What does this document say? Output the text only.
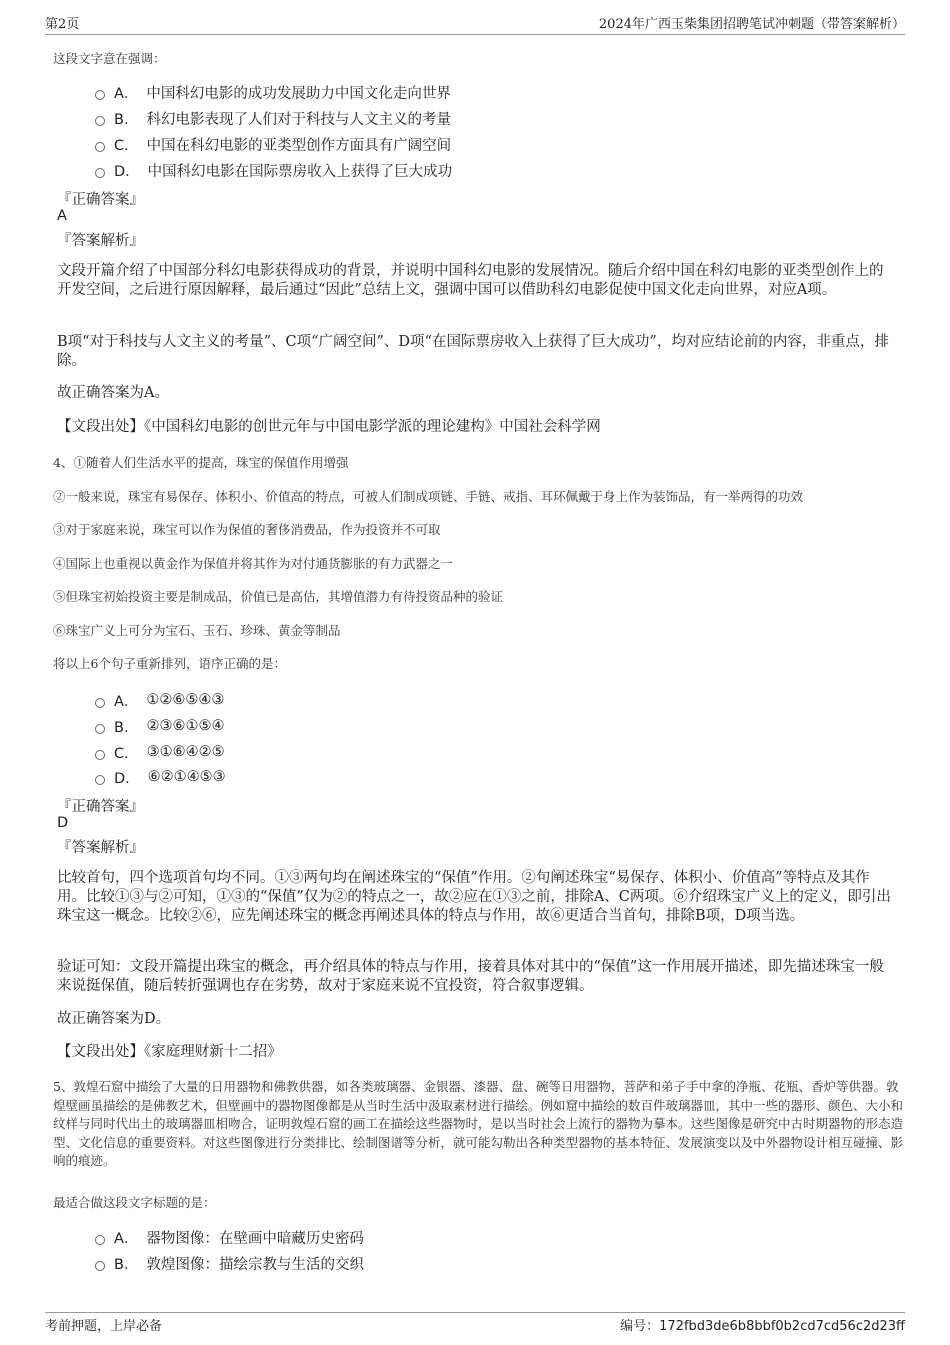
第2页	2024年广西玉柴集团招聘笔试冲刺题（带答案解析）
这段文字意在强调：
A． 中国科幻电影的成功发展助力中国文化走向世界
B． 科幻电影表现了人们对于科技与人文主义的考量
C． 中国在科幻电影的亚类型创作方面具有广阔空间
D． 中国科幻电影在国际票房收入上获得了巨大成功
『正确答案』
A
『答案解析』
文段开篇介绍了中国部分科幻电影获得成功的背景，并说明中国科幻电影的发展情况。随后介绍中国在科幻电影的亚类型创作上的开发空间，之后进行原因解释，最后通过“因此”总结上文，强调中国可以借助科幻电影促使中国文化走向世界，对应A项。
B项“对于科技与人文主义的考量”、C项“广阔空间”、D项“在国际票房收入上获得了巨大成功”，均对应结论前的内容，非重点，排除。
故正确答案为A。
【文段出处】《中国科幻电影的创世元年与中国电影学派的理论建构》中国社会科学网
4、①随着人们生活水平的提高，珠宝的保值作用增强
②一般来说，珠宝有易保存、体积小、价值高的特点，可被人们制成项链、手链、戒指、耳环佩戴于身上作为装饰品，有一举两得的功效
③对于家庭来说，珠宝可以作为保值的奢侈消费品，作为投资并不可取
④国际上也重视以黄金作为保值并将其作为对付通货膨胀的有力武器之一
⑤但珠宝初始投资主要是制成品，价值已是高估，其增值潜力有待投资品种的验证
⑥珠宝广义上可分为宝石、玉石、珍珠、黄金等制品
将以上6个句子重新排列，语序正确的是：
A． ①②⑥⑤④③
B． ②③⑥①⑤④
C． ③①⑥④②⑤
D． ⑥②①④⑤③
『正确答案』
D
『答案解析』
比较首句，四个选项首句均不同。①③两句均在阐述珠宝的“保值”作用。②句阐述珠宝“易保存、体积小、价值高”等特点及其作用。比较①③与②可知，①③的“保值”仅为②的特点之一，故②应在①③之前，排除A、C两项。⑥介绍珠宝广义上的定义，即引出珠宝这一概念。比较②⑥，应先阐述珠宝的概念再阐述具体的特点与作用，故⑥更适合当首句，排除B项，D项当选。
验证可知：文段开篇提出珠宝的概念，再介绍具体的特点与作用，接着具体对其中的“保值”这一作用展开描述，即先描述珠宝一般来说挺保值，随后转折强调也存在劣势，故对于家庭来说不宜投资，符合叙事逻辑。
故正确答案为D。
【文段出处】《家庭理财新十二招》
5、敦煌石窟中描绘了大量的日用器物和佛教供器，如各类玻璃器、金银器、漆器、盘、碗等日用器物，菩萨和弟子手中拿的净瓶、花瓶、香炉等供器。敦煌壁画虽描绘的是佛教艺术，但壁画中的器物图像都是从当时生活中汲取素材进行描绘。例如窟中描绘的数百件玻璃器皿，其中一些的器形、颜色、大小和纹样与同时代出土的玻璃器皿相吻合，证明敦煌石窟的画工在描绘这些器物时，是以当时社会上流行的器物为摹本。这些图像是研究中古时期器物的形态造型、文化信息的重要资料。对这些图像进行分类排比、绘制图谱等分析，就可能勾勒出各种类型器物的基本特征、发展演变以及中外器物设计相互碰撞、影响的痕迹。
最适合做这段文字标题的是：
A． 器物图像：在壁画中暗藏历史密码
B． 敦煌图像：描绘宗教与生活的交织
考前押题，上岸必备	编号：172fbd3de6b8bbf0b2cd7cd56c2d23ff
